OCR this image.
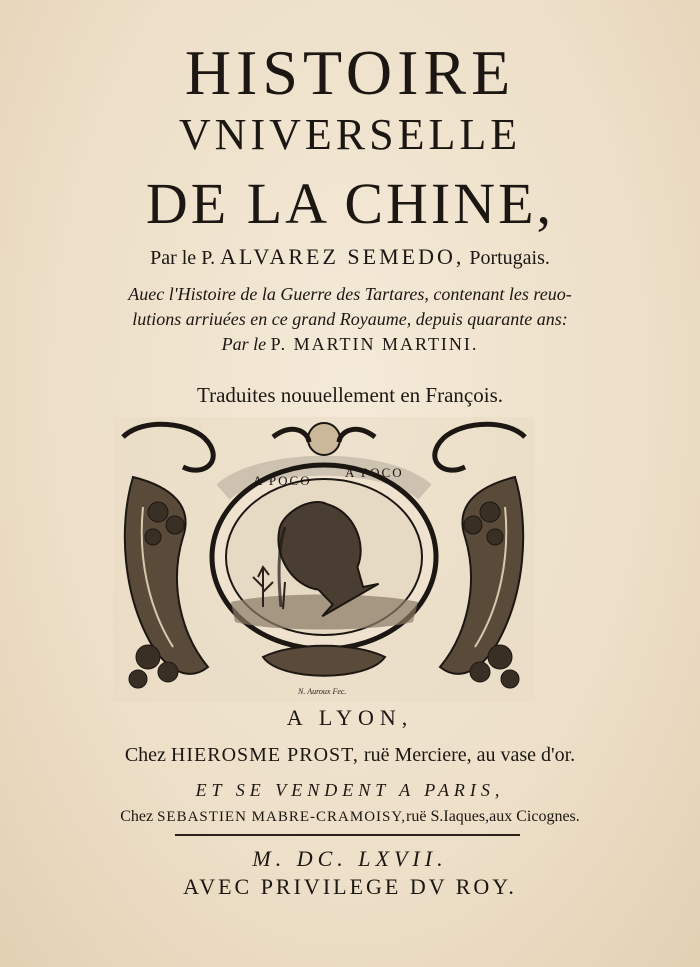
HISTOIRE
VNIVERSELLE
DE LA CHINE,
Par le P. ALVAREZ SEMEDO, Portugais.
Auec l'Histoire de la Guerre des Tartares, contenant les reuo-
lutions arriuées en ce grand Royaume, depuis quarante ans:
Par le P. MARTIN MARTINI.
Traduites nouuellement en François.
A POCO
A POCO
N. Auroux Fec.
A LYON,
Chez HIEROSME PROST, ruë Merciere, au vase d'or.
ET SE VENDENT A PARIS,
Chez SEBASTIEN MABRE-CRAMOISY,ruë S.Iaques,aux Cicognes.
M. DC. LXVII.
AVEC PRIVILEGE DV ROY.
